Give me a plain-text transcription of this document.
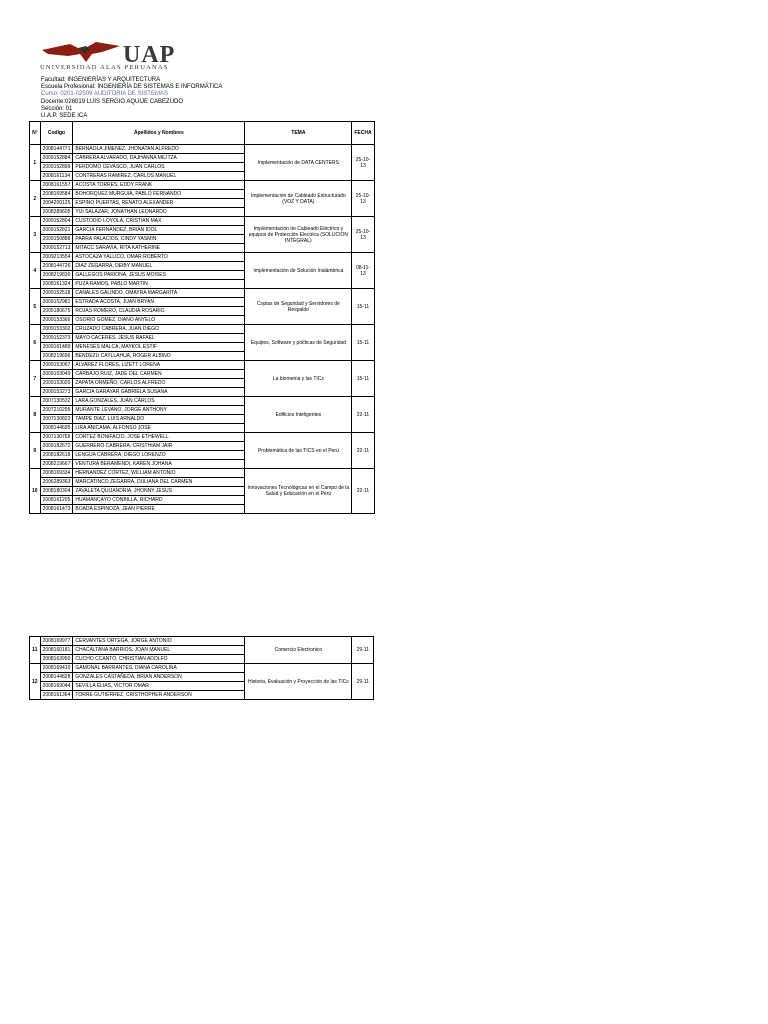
UAP
UNIVERSIDAD ALAS PERUANAS
Facultad: INGENIERÍAS Y ARQUITECTURA
Escuela Profesional: INGENIERÍA DE SISTEMAS E INFORMÁTICA
Curso: 0201-02509 AUDITORIA DE SISTEMAS
Docente:028019 LUIS SERGIO AQUIJE CABEZUDO
Sección: 01
U.A.P. SEDE ICA
Nº	Codigo	Apellidos y Nombres	TEMA	FECHA
1	2008144771	BERNAOLA JIMENEZ, JHONATAN ALFREDO	Implementación de DATA CENTERS	25-10-13
	2009152884	CABRERA ALVARADO, DAJHANNA MILITZA		
	2009152899	PERDOMO CEVASCO, JUAN CARLOS		
	2008161134	CONTRERAS RAMIREZ, CARLOS MANUEL		
2	2008161557	ACOSTA TORRES, EDDY FRANK	Implementación de Cableado Estructurado (VOZ Y DATA)	25-10-13
	2008169584	BOHORQUEZ MURGUIA, PABLO FERNANDO		
	2004200125	ESPINO PUERTAS, RENATO ALEXANDER		
	2008289605	YUI SALAZAR, JONATHAN LEONARDO		
3	2009152804	CUSTODIO LOYOLA, CRISTIAN MAX	Implementación de Cableado Eléctrico y equipos de Protección Electrica (SOLUCION INTEGRAL)	25-10-13
	2009152821	GARCIA FERNANDEZ, BRIAN IDOL		
	2009150888	PARRA PALACIOS, CINDY YASMIN		
	2009152713	MITACC SARAVIA, RITA KATHERINE		
4	2009213554	ASTOCAZA YALLICO, OMAR ROBERTO	Implementación de Solución Inalámbrica	08-11-13
	2008144726	DIAZ ZEGARRA, DEIBY MANUEL		
	2008219830	GALLEGOS PARIONA, JESUS MOISES		
	2008161324	PUZA RAMOS, PABLO MARTIN		
5	2009152518	CANALES GALINDO, OMAYRA MARGARITA	Copias de Seguridad y Servidores de Respaldo	15-11
	2009152981	ESTRADA ACOSTA, JUAN BRYAN		
	2005180675	ROJAS ROMERO, CLAUDIA ROSARIO		
	2009153366	OSORIO GOMEZ, DIANO ANYELO		
6	2009153302	CRUZADO CABRERA, JUAN DIEGO	Equipos, Software y políticas de Seguridad	15-11
	2009152373	MAYO CACERES, JESUS RAFAEL		
	2009161489	MENESES MALCA, MAYKOL ESTIF		
	2008219696	BENDEZU CAYLLAHUA, ROGER ALBINO		
7	2009153067	ALVAREZ FLORES, LIZETT LORENA	La biometria y las TICs	15-11
	2009153049	CARBAJO RUIZ, JADE DEL CARMEN		
	2009153020	ZAPATA ORMEÑO, CARLOS ALFREDO		
	2009153273	GARCIA GARAYAR GABRIELA SUSANA		
8	2007130532	LARA GONZALES, JUAN CARLOS	Edificios Inteligentes	22-11
	2007210295	MURANTE LEVANO, JORGE ANTHONY		
	2007130823	TAMPE DIAZ, LUIS ARNALDO		
	2008144695	LIRA ANICAMA, ALFONSO JOSE		
9	2007130769	CORTEZ BONIFACIO, JOSE ETHEWELL	Problemática de las TICS en el Perú	22-11
	2009182672	GUERRERO CABRERA, CRISTHIAM JAIR		
	2008182618	LENGUA CABRERA, DIEGO LORENZO		
	2008219667	VENTURA BERAMENDI, KAREN JOHANA		
10	2008169334	HERNANDEZ CORTEZ, WILLIAM ANTONIO	Innovaciones Tecnológicas en el Campo de la Salud y Educación en el Perú	22-11
	2006289363	MARCATINCO ZEGARRA, DULIANA DEL CARMEN		
	2008180304	ZAVALETA QUIJANDRIA, JHONNY JESUS		
	2008161205	HUAMANCAYO CONBILLA, RICHARD		
	2008161473	BOADA ESPINOZA, JEAN PIERRE		
11	2008169977	CERVANTES ORTEGA, JORGE ANTONIO	Comercio Electronico	29-11
	2008160181	CHACALTANA BARRIOS, JOAN MANUEL		
	2008163950	CUCHO CCANTO, CHRISTIAN ADOLFO		
12	2008169410	GAMONAL BARRANTES, DIANA CAROLINA	Historia, Evaluación y Proyección de las TICs	29-11
	2008144828	GONZALES CASTAÑEDA, BRIAN ANDERSON		
	2008169044	SEVILLA ELIAS, VICTOR OMAR		
	2008161364	TORRE GUTIERREZ, CRISTHOPHER ANDERSON		
